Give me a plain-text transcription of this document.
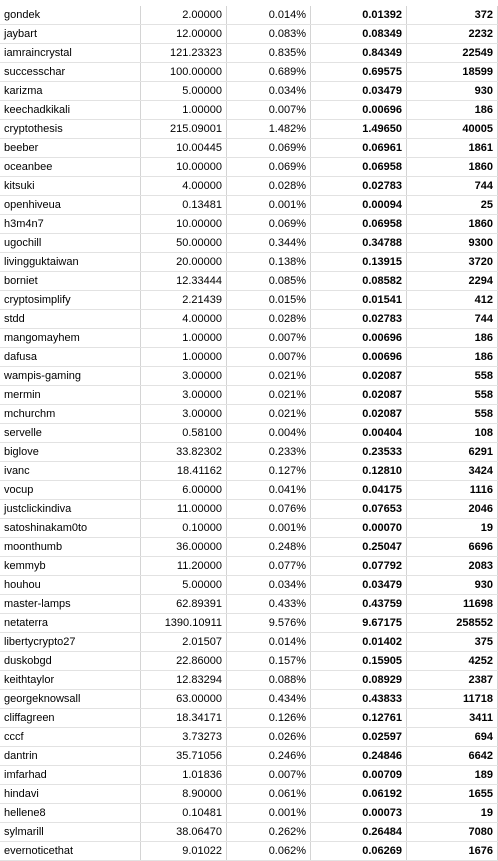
gondek	2.00000	0.014%	0.01392	372
jaybart	12.00000	0.083%	0.08349	2232
iamraincrystal	121.23323	0.835%	0.84349	22549
successchar	100.00000	0.689%	0.69575	18599
karizma	5.00000	0.034%	0.03479	930
keechadkikali	1.00000	0.007%	0.00696	186
cryptothesis	215.09001	1.482%	1.49650	40005
beeber	10.00445	0.069%	0.06961	1861
oceanbee	10.00000	0.069%	0.06958	1860
kitsuki	4.00000	0.028%	0.02783	744
openhiveua	0.13481	0.001%	0.00094	25
h3m4n7	10.00000	0.069%	0.06958	1860
ugochill	50.00000	0.344%	0.34788	9300
livingguktaiwan	20.00000	0.138%	0.13915	3720
borniet	12.33444	0.085%	0.08582	2294
cryptosimplify	2.21439	0.015%	0.01541	412
stdd	4.00000	0.028%	0.02783	744
mangomayhem	1.00000	0.007%	0.00696	186
dafusa	1.00000	0.007%	0.00696	186
wampis-gaming	3.00000	0.021%	0.02087	558
mermin	3.00000	0.021%	0.02087	558
mchurchm	3.00000	0.021%	0.02087	558
servelle	0.58100	0.004%	0.00404	108
biglove	33.82302	0.233%	0.23533	6291
ivanc	18.41162	0.127%	0.12810	3424
vocup	6.00000	0.041%	0.04175	1116
justclickindiva	11.00000	0.076%	0.07653	2046
satoshinakam0to	0.10000	0.001%	0.00070	19
moonthumb	36.00000	0.248%	0.25047	6696
kemmyb	11.20000	0.077%	0.07792	2083
houhou	5.00000	0.034%	0.03479	930
master-lamps	62.89391	0.433%	0.43759	11698
netaterra	1390.10911	9.576%	9.67175	258552
libertycrypto27	2.01507	0.014%	0.01402	375
duskobgd	22.86000	0.157%	0.15905	4252
keithtaylor	12.83294	0.088%	0.08929	2387
georgeknowsall	63.00000	0.434%	0.43833	11718
cliffagreen	18.34171	0.126%	0.12761	3411
cccf	3.73273	0.026%	0.02597	694
dantrin	35.71056	0.246%	0.24846	6642
imfarhad	1.01836	0.007%	0.00709	189
hindavi	8.90000	0.061%	0.06192	1655
hellene8	0.10481	0.001%	0.00073	19
sylmarill	38.06470	0.262%	0.26484	7080
evernoticethat	9.01022	0.062%	0.06269	1676
